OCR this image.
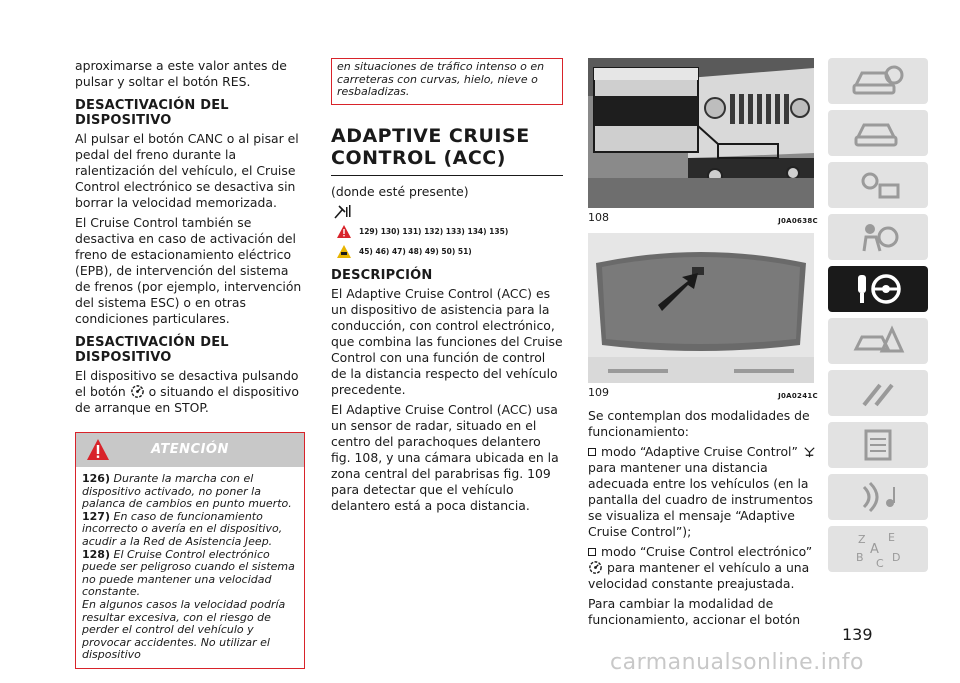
aproximarse a este valor antes de pulsar y soltar el botón RES.
DESACTIVACIÓN DEL DISPOSITIVO
Al pulsar el botón CANC o al pisar el pedal del freno durante la ralentización del vehículo, el Cruise Control electrónico se desactiva sin borrar la velocidad memorizada.
El Cruise Control también se desactiva en caso de activación del freno de estacionamiento eléctrico (EPB), de intervención del sistema de frenos (por ejemplo, intervención del sistema ESC) o en otras condiciones particulares.
DESACTIVACIÓN DEL DISPOSITIVO
El dispositivo se desactiva pulsando el botón o situando el dispositivo de arranque en STOP.
ATENCIÓN
126) Durante la marcha con el dispositivo activado, no poner la palanca de cambios en punto muerto.
127) En caso de funcionamiento incorrecto o avería en el dispositivo, acudir a la Red de Asistencia Jeep.
128) El Cruise Control electrónico puede ser peligroso cuando el sistema no puede mantener una velocidad constante.
En algunos casos la velocidad podría resultar excesiva, con el riesgo de perder el control del vehículo y provocar accidentes. No utilizar el dispositivo
en situaciones de tráfico intenso o en carreteras con curvas, hielo, nieve o resbaladizas.
ADAPTIVE CRUISE CONTROL (ACC)
(donde esté presente)
129) 130) 131) 132) 133) 134) 135)
45) 46) 47) 48) 49) 50) 51)
DESCRIPCIÓN
El Adaptive Cruise Control (ACC) es un dispositivo de asistencia para la conducción, con control electrónico, que combina las funciones del Cruise Control con una función de control de la distancia respecto del vehículo precedente.
El Adaptive Cruise Control (ACC) usa un sensor de radar, situado en el centro del parachoques delantero fig. 108, y una cámara ubicada en la zona central del parabrisas fig. 109 para detectar que el vehículo delantero está a poca distancia.
108	J0A0638C
109	J0A0241C
Se contemplan dos modalidades de funcionamiento:
modo “Adaptive Cruise Control”  para mantener una distancia adecuada entre los vehículos (en la pantalla del cuadro de instrumentos se visualiza el mensaje “Adaptive Cruise Control”);
modo “Cruise Control electrónico”  para mantener el vehículo a una velocidad constante preajustada.
Para cambiar la modalidad de funcionamiento, accionar el botón
Z E
A
B C D
139
carmanualsonline.info
